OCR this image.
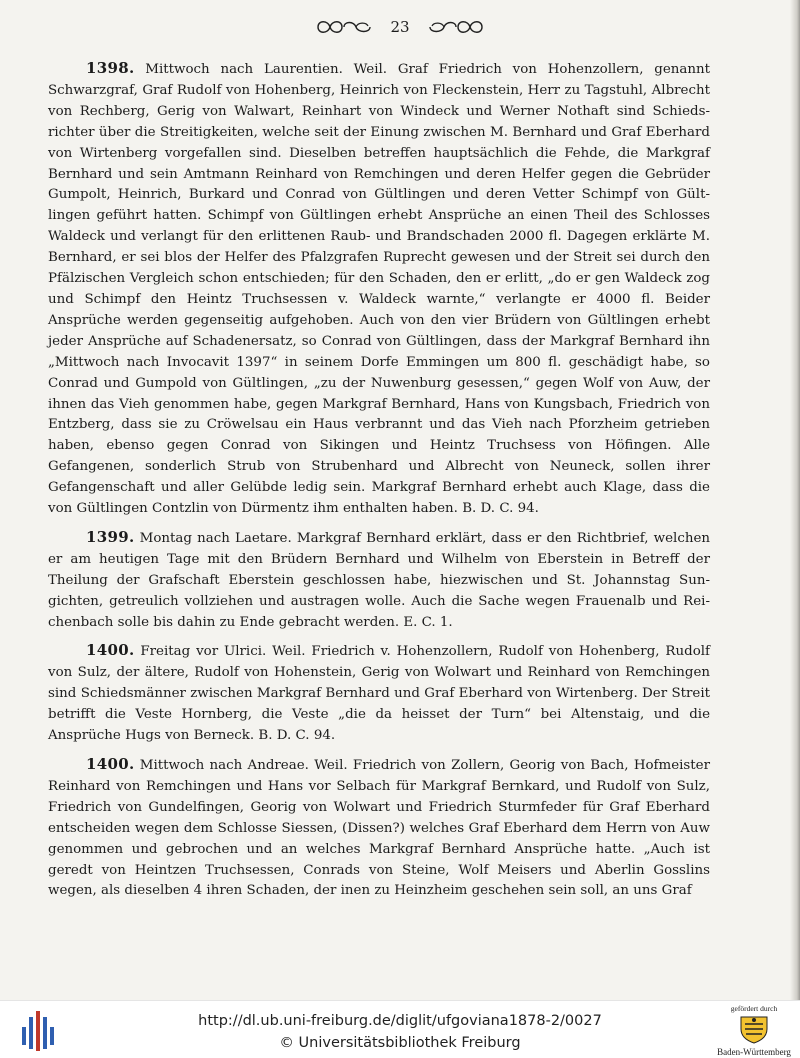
23

1398. Mittwoch nach Laurentien. Weil. Graf Friedrich von Hohenzollern, genannt Schwarzgraf, Graf Rudolf von Hohenberg, Heinrich von Fleckenstein, Herr zu Tagstuhl, Albrecht von Rechberg, Gerig von Walwart, Reinhart von Windeck und Werner Nothaft sind Schiedsrichter über die Streitigkeiten, welche seit der Einung zwischen M. Bernhard und Graf Eberhard von Wirtenberg vorgefallen sind. Dieselben betreffen hauptsächlich die Fehde, die Markgraf Bernhard und sein Amtmann Reinhard von Remchingen und deren Helfer gegen die Gebrüder Gumpolt, Heinrich, Burkard und Conrad von Gültlingen und deren Vetter Schimpf von Gültlingen geführt hatten. Schimpf von Gültlingen erhebt Ansprüche an einen Theil des Schlosses Waldeck und verlangt für den erlittenen Raub- und Brandschaden 2000 fl. Dagegen erklärte M. Bernhard, er sei blos der Helfer des Pfalzgrafen Ruprecht gewesen und der Streit sei durch den Pfälzischen Vergleich schon entschieden; für den Schaden, den er erlitt, „do er gen Waldeck zog und Schimpf den Heintz Truchsessen v. Waldeck warnte,“ verlangte er 4000 fl. Beider Ansprüche werden gegenseitig aufgehoben. Auch von den vier Brüdern von Gültlingen erhebt jeder Ansprüche auf Schadenersatz, so Conrad von Gültlingen, dass der Markgraf Bernhard ihn „Mittwoch nach Invocavit 1397“ in seinem Dorfe Emmingen um 800 fl. geschädigt habe, so Conrad und Gumpold von Gültlingen, „zu der Nuwenburg gesessen,“ gegen Wolf von Auw, der ihnen das Vieh genommen habe, gegen Markgraf Bernhard, Hans von Kungsbach, Friedrich von Entzberg, dass sie zu Cröwelsau ein Haus verbrannt und das Vieh nach Pforzheim getrieben haben, ebenso gegen Conrad von Sikingen und Heintz Truchsess von Höfingen. Alle Gefangenen, sonderlich Strub von Strubenhard und Albrecht von Neuneck, sollen ihrer Gefangenschaft und aller Gelübde ledig sein. Markgraf Bernhard erhebt auch Klage, dass die von Gültlingen Contzlin von Dürmentz ihm enthalten haben. B. D. C. 94.

1399. Montag nach Laetare. Markgraf Bernhard erklärt, dass er den Richtbrief, welchen er am heutigen Tage mit den Brüdern Bernhard und Wilhelm von Eberstein in Betreff der Theilung der Grafschaft Eberstein geschlossen habe, hiezwischen und St. Johannstag Sungichten, getreulich vollziehen und austragen wolle. Auch die Sache wegen Frauenalb und Reichenbach solle bis dahin zu Ende gebracht werden. E. C. 1.

1400. Freitag vor Ulrici. Weil. Friedrich v. Hohenzollern, Rudolf von Hohenberg, Rudolf von Sulz, der ältere, Rudolf von Hohenstein, Gerig von Wolwart und Reinhard von Remchingen sind Schiedsmänner zwischen Markgraf Bernhard und Graf Eberhard von Wirtenberg. Der Streit betrifft die Veste Hornberg, die Veste „die da heisset der Turn“ bei Altenstaig, und die Ansprüche Hugs von Berneck. B. D. C. 94.

1400. Mittwoch nach Andreae. Weil. Friedrich von Zollern, Georig von Bach, Hofmeister Reinhard von Remchingen und Hans vor Selbach für Markgraf Bernkard, und Rudolf von Sulz, Friedrich von Gundelfingen, Georig von Wolwart und Friedrich Sturmfeder für Graf Eberhard entscheiden wegen dem Schlosse Siessen, (Dissen?) welches Graf Eberhard dem Herrn von Auw genommen und gebrochen und an welches Markgraf Bernhard Ansprüche hatte. „Auch ist geredt von Heintzen Truchsessen, Conrads von Steine, Wolf Meisers und Aberlin Gosslins wegen, als dieselben 4 ihren Schaden, der inen zu Heinzheim geschehen sein soll, an uns Graf

http://dl.ub.uni-freiburg.de/diglit/ufgoviana1878-2/0027
© Universitätsbibliothek Freiburg
gefördert durch
Baden-Württemberg
